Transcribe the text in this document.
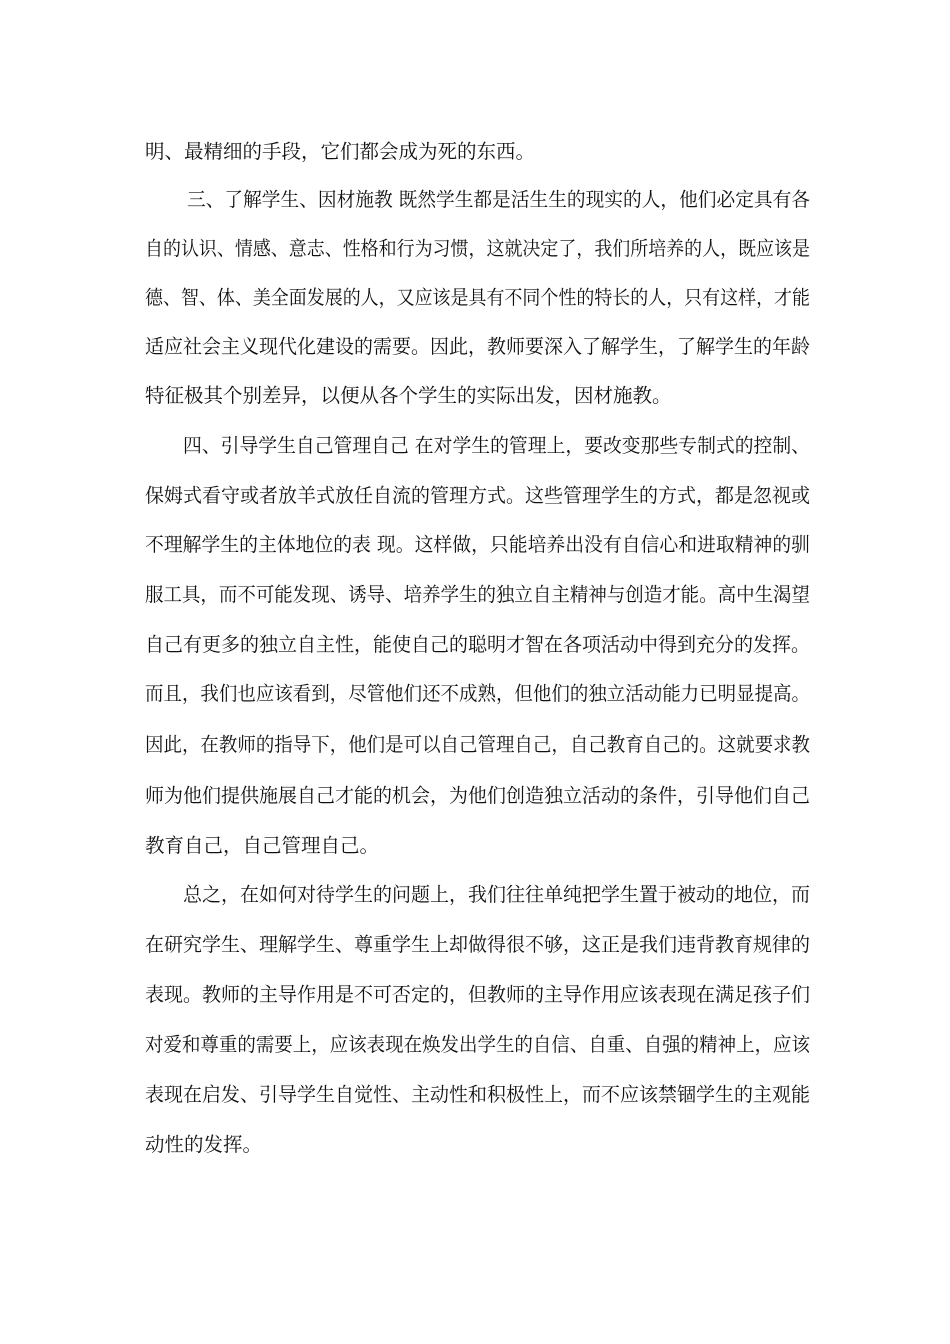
明、最精细的手段，它们都会成为死的东西。
三、了解学生、因材施教 既然学生都是活生生的现实的人，他们必定具有各
自的认识、情感、意志、性格和行为习惯，这就决定了，我们所培养的人，既应该是
德、智、体、美全面发展的人，又应该是具有不同个性的特长的人，只有这样，才能
适应社会主义现代化建设的需要。因此，教师要深入了解学生，了解学生的年龄
特征极其个别差异，以便从各个学生的实际出发，因材施教。
四、引导学生自己管理自己 在对学生的管理上，要改变那些专制式的控制、
保姆式看守或者放羊式放任自流的管理方式。这些管理学生的方式，都是忽视或
不理解学生的主体地位的表 现。这样做，只能培养出没有自信心和进取精神的驯
服工具，而不可能发现、诱导、培养学生的独立自主精神与创造才能。高中生渴望
自己有更多的独立自主性，能使自己的聪明才智在各项活动中得到充分的发挥。
而且，我们也应该看到，尽管他们还不成熟，但他们的独立活动能力已明显提高。
因此，在教师的指导下，他们是可以自己管理自己，自己教育自己的。这就要求教
师为他们提供施展自己才能的机会，为他们创造独立活动的条件，引导他们自己
教育自己，自己管理自己。
总之，在如何对待学生的问题上，我们往往单纯把学生置于被动的地位，而
在研究学生、理解学生、尊重学生上却做得很不够，这正是我们违背教育规律的
表现。教师的主导作用是不可否定的，但教师的主导作用应该表现在满足孩子们
对爱和尊重的需要上，应该表现在焕发出学生的自信、自重、自强的精神上，应该
表现在启发、引导学生自觉性、主动性和积极性上，而不应该禁锢学生的主观能
动性的发挥。
